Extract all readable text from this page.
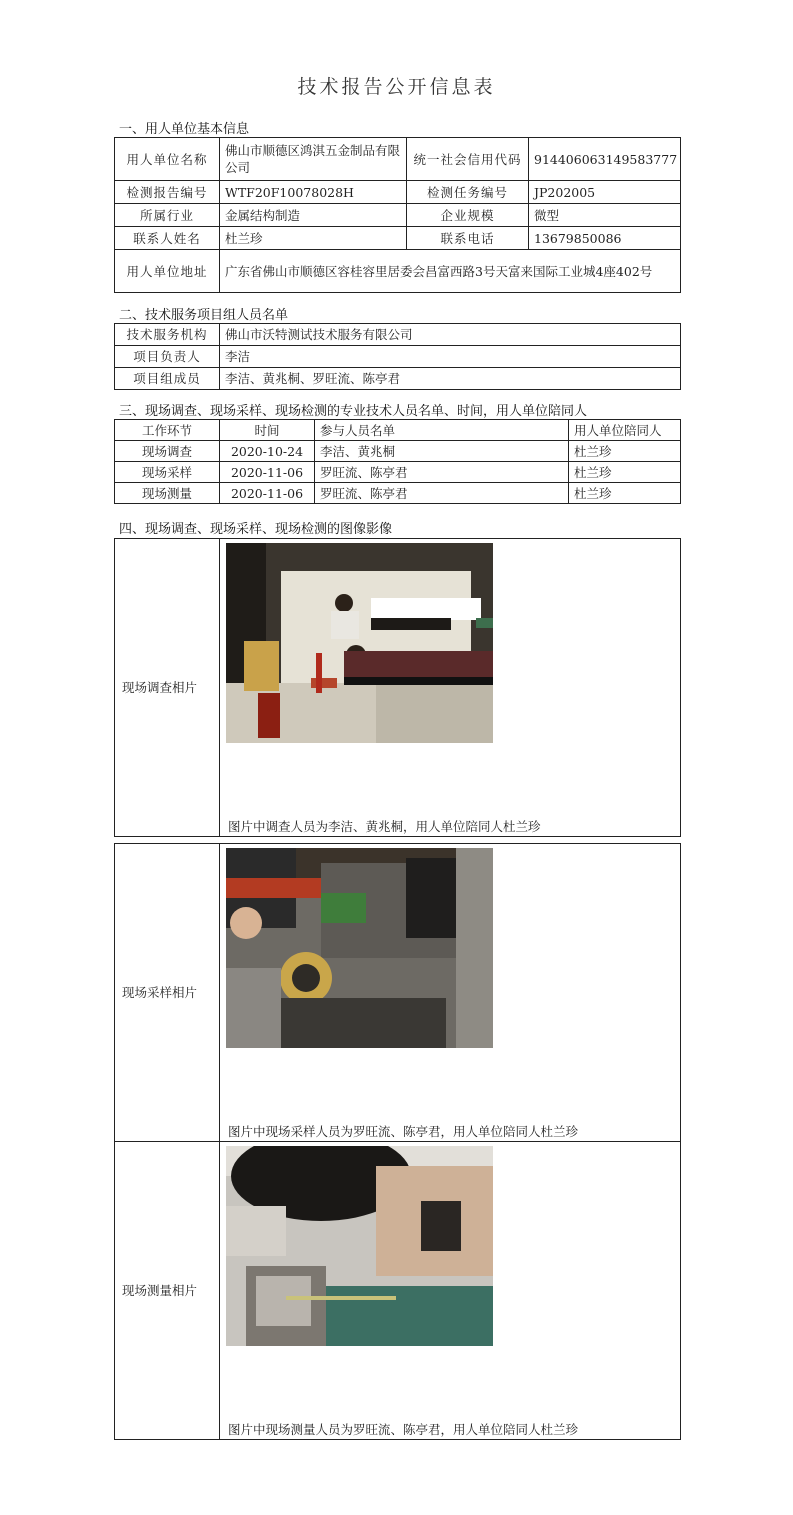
技术报告公开信息表
一、用人单位基本信息
用人单位名称	佛山市顺德区鸿淇五金制品有限公司	统一社会信用代码	914406063149583777
检测报告编号	WTF20F10078028H	检测任务编号	JP202005
所属行业	金属结构制造	企业规模	微型
联系人姓名	杜兰珍	联系电话	13679850086
用人单位地址	广东省佛山市顺德区容桂容里居委会昌富西路3号天富来国际工业城4座402号		
二、技术服务项目组人员名单
技术服务机构	佛山市沃特测试技术服务有限公司
项目负责人	李洁
项目组成员	李洁、黄兆桐、罗旺流、陈亭君
三、现场调查、现场采样、现场检测的专业技术人员名单、时间，用人单位陪同人
工作环节	时间	参与人员名单	用人单位陪同人
现场调查	2020-10-24	李洁、黄兆桐	杜兰珍
现场采样	2020-11-06	罗旺流、陈亭君	杜兰珍
现场测量	2020-11-06	罗旺流、陈亭君	杜兰珍
四、现场调查、现场采样、现场检测的图像影像
现场调查相片	
图片中调查人员为李洁、黄兆桐，用人单位陪同人杜兰珍
现场采样相片	图片中现场采样人员为罗旺流、陈亭君，用人单位陪同人杜兰珍

现场测量相片	图片中现场测量人员为罗旺流、陈亭君，用人单位陪同人杜兰珍
